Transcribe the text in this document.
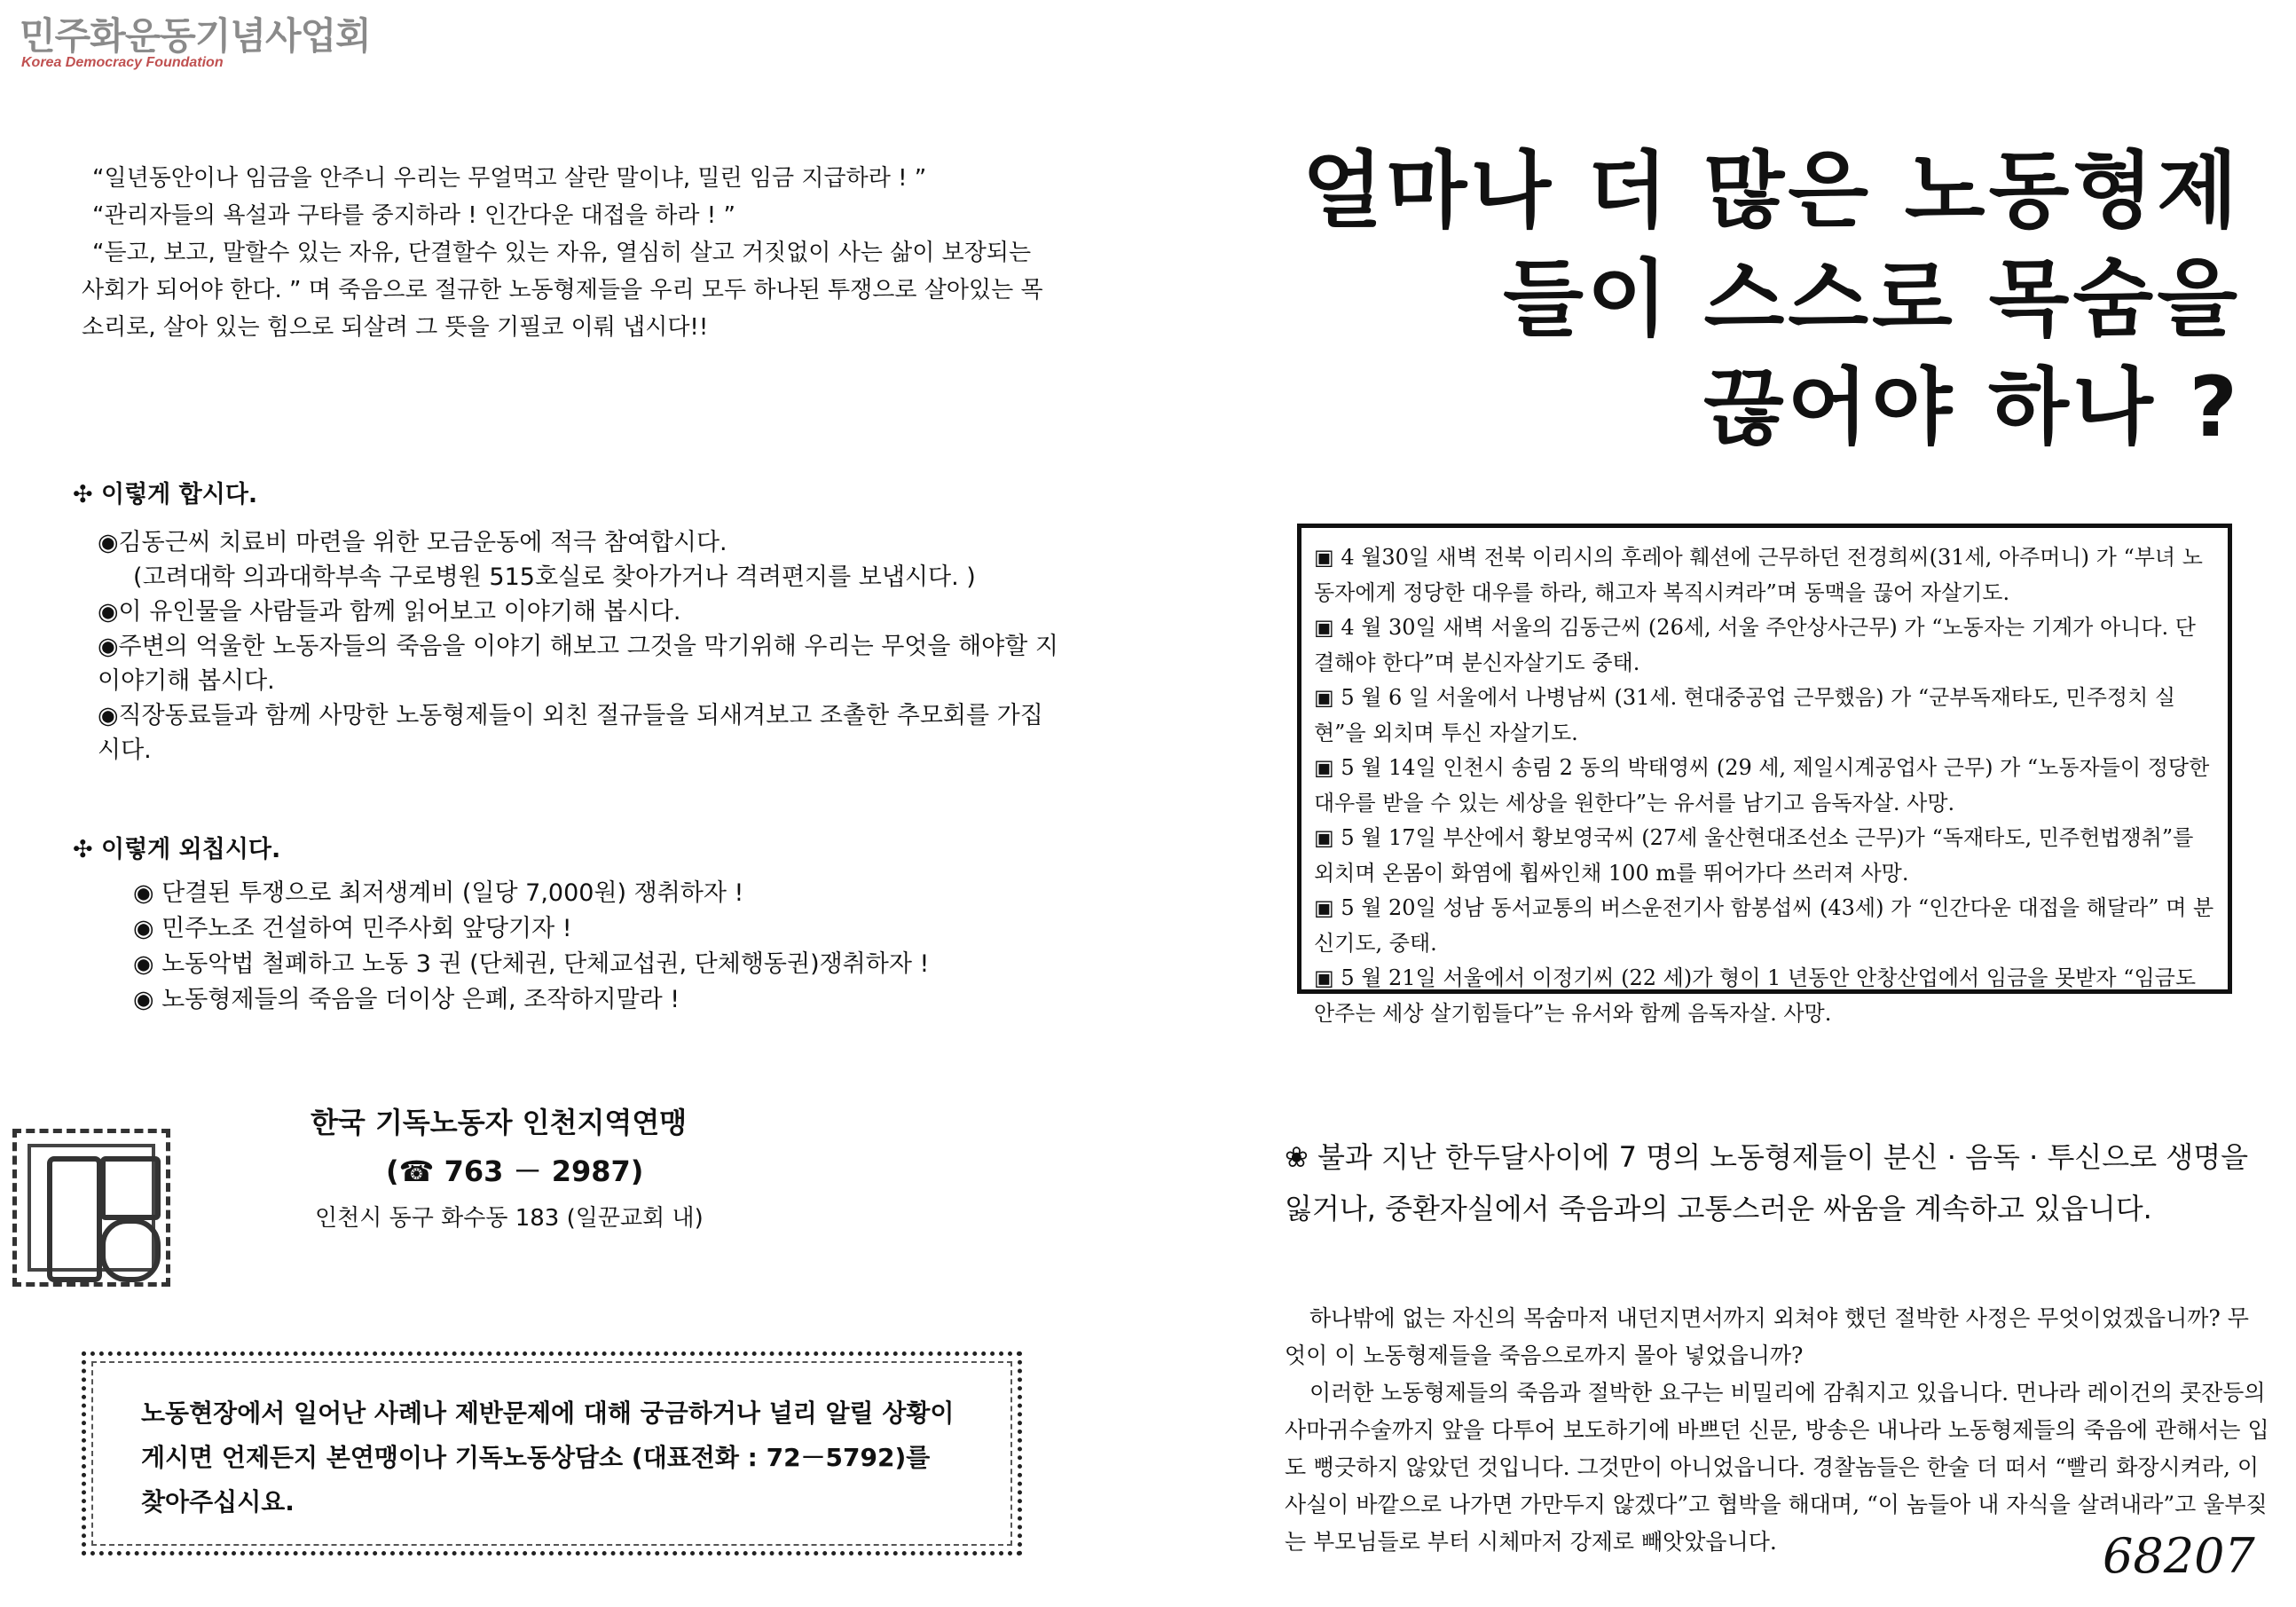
민주화운동기념사업회
Korea Democracy Foundation

“일년동안이나 임금을 안주니 우리는 무얼먹고 살란 말이냐, 밀린 임금 지급하라 ! ”

“관리자들의 욕설과 구타를 중지하라 ! 인간다운 대접을 하라 ! ”

“듣고, 보고, 말할수 있는 자유, 단결할수 있는 자유, 열심히 살고 거짓없이 사는 삶이 보장되는 사회가 되어야 한다. ” 며 죽음으로 절규한 노동형제들을 우리 모두 하나된 투쟁으로 살아있는 목소리로, 살아 있는 힘으로 되살려 그 뜻을 기필코 이뤄 냅시다!!

✣ 이렇게 합시다.

◉김동근씨 치료비 마련을 위한 모금운동에 적극 참여합시다.

(고려대학 의과대학부속 구로병원 515호실로 찾아가거나 격려편지를 보냅시다. )

◉이 유인물을 사람들과 함께 읽어보고 이야기해 봅시다.

◉주변의 억울한 노동자들의 죽음을 이야기 해보고 그것을 막기위해 우리는 무엇을 해야할 지 이야기해 봅시다.

◉직장동료들과 함께 사망한 노동형제들이 외친 절규들을 되새겨보고 조촐한 추모회를 가집시다.

✣ 이렇게 외칩시다.

◉ 단결된 투쟁으로 최저생계비 (일당 7,000원) 쟁취하자 !

◉ 민주노조 건설하여 민주사회 앞당기자 !

◉ 노동악법 철폐하고 노동 3 권 (단체권, 단체교섭권, 단체행동권)쟁취하자 !

◉ 노동형제들의 죽음을 더이상 은폐, 조작하지말라 !

한국 기독노동자 인천지역연맹
(☎ 763 － 2987)
인천시 동구 화수동 183 (일꾼교회 내)
노동현장에서 일어난 사례나 제반문제에 대해 궁금하거나 널리 알릴 상황이 게시면 언제든지 본연맹이나 기독노동상담소 (대표전화 : 72－5792)를 찾아주십시요.
얼마나 더 많은 노동형제
들이 스스로 목숨을
끊어야 하나 ?

▣ 4 월30일 새벽 전북 이리시의 후레아 훼션에 근무하던 전경희씨(31세, 아주머니) 가 “부녀 노동자에게 정당한 대우를 하라, 해고자 복직시켜라”며 동맥을 끊어 자살기도.

▣ 4 월 30일 새벽 서울의 김동근씨 (26세, 서울 주안상사근무) 가 “노동자는 기계가 아니다. 단결해야 한다”며 분신자살기도 중태.

▣ 5 월 6 일 서울에서 나병남씨 (31세. 현대중공업 근무했음) 가 “군부독재타도, 민주정치 실현”을 외치며 투신 자살기도.

▣ 5 월 14일 인천시 송림 2 동의 박태영씨 (29 세, 제일시계공업사 근무) 가 “노동자들이 정당한 대우를 받을 수 있는 세상을 원한다”는 유서를 남기고 음독자살. 사망.

▣ 5 월 17일 부산에서 황보영국씨 (27세 울산현대조선소 근무)가 “독재타도, 민주헌법쟁취”를 외치며 온몸이 화염에 휩싸인채 100 m를 뛰어가다 쓰러져 사망.

▣ 5 월 20일 성남 동서교통의 버스운전기사 함봉섭씨 (43세) 가 “인간다운 대접을 해달라” 며 분신기도, 중태.

▣ 5 월 21일 서울에서 이정기씨 (22 세)가 형이 1 년동안 안창산업에서 임금을 못받자 “임금도 안주는 세상 살기힘들다”는 유서와 함께 음독자살. 사망.

❀ 불과 지난 한두달사이에 7 명의 노동형제들이 분신 · 음독 · 투신으로 생명을 잃거나, 중환자실에서 죽음과의 고통스러운 싸움을 계속하고 있읍니다.

하나밖에 없는 자신의 목숨마저 내던지면서까지 외쳐야 했던 절박한 사정은 무엇이었겠읍니까? 무엇이 이 노동형제들을 죽음으로까지 몰아 넣었읍니까?

이러한 노동형제들의 죽음과 절박한 요구는 비밀리에 감춰지고 있읍니다. 먼나라 레이건의 콧잔등의 사마귀수술까지 앞을 다투어 보도하기에 바쁘던 신문, 방송은 내나라 노동형제들의 죽음에 관해서는 입도 뻥긋하지 않았던 것입니다. 그것만이 아니었읍니다. 경찰놈들은 한술 더 떠서 “빨리 화장시켜라, 이 사실이 바깥으로 나가면 가만두지 않겠다”고 협박을 해대며, “이 놈들아 내 자식을 살려내라”고 울부짖는 부모님들로 부터 시체마저 강제로 빼앗았읍니다.	68207
